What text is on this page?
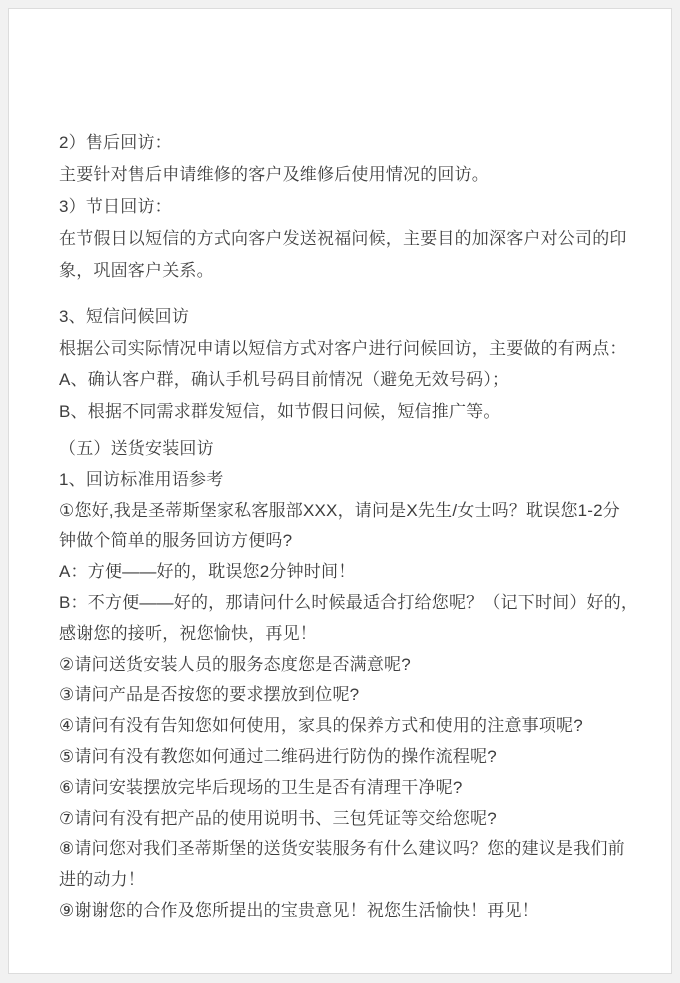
2）售后回访：
主要针对售后申请维修的客户及维修后使用情况的回访。
3）节日回访：
在节假日以短信的方式向客户发送祝福问候，主要目的加深客户对公司的印
象，巩固客户关系。
3、短信问候回访
根据公司实际情况申请以短信方式对客户进行问候回访，主要做的有两点：
A、确认客户群，确认手机号码目前情况（避免无效号码）；
B、根据不同需求群发短信，如节假日问候，短信推广等。
（五）送货安装回访
1、回访标准用语参考
①您好,我是圣蒂斯堡家私客服部XXX，请问是X先生/女士吗？耽误您1-2分
钟做个简单的服务回访方便吗?
A：方便——好的，耽误您2分钟时间！
B：不方便——好的，那请问什么时候最适合打给您呢？（记下时间）好的，
感谢您的接听，祝您愉快，再见！
②请问送货安装人员的服务态度您是否满意呢?
③请问产品是否按您的要求摆放到位呢?
④请问有没有告知您如何使用，家具的保养方式和使用的注意事项呢?
⑤请问有没有教您如何通过二维码进行防伪的操作流程呢?
⑥请问安装摆放完毕后现场的卫生是否有清理干净呢?
⑦请问有没有把产品的使用说明书、三包凭证等交给您呢?
⑧请问您对我们圣蒂斯堡的送货安装服务有什么建议吗？您的建议是我们前
进的动力！
⑨谢谢您的合作及您所提出的宝贵意见！祝您生活愉快！再见！
